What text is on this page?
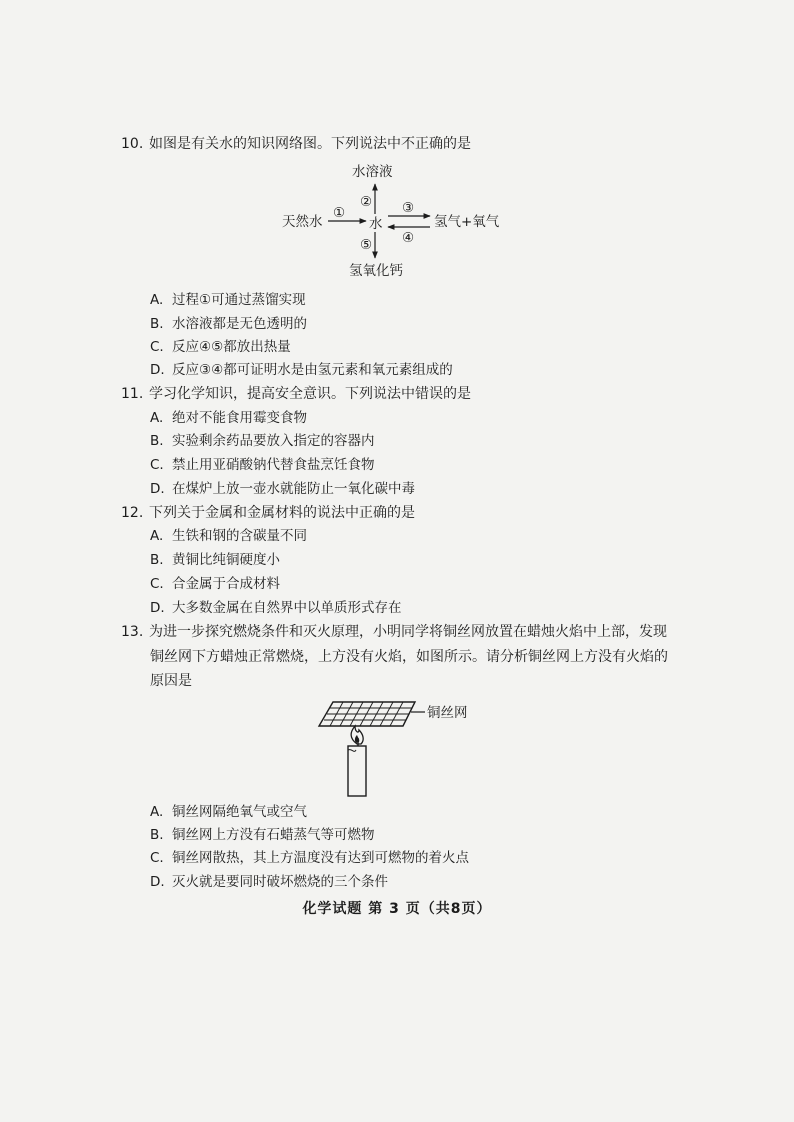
10. 如图是有关水的知识网络图。下列说法中不正确的是
水溶液
②
天然水
①
水
③
④
氢气+氧气
⑤
氢氧化钙
A. 过程①可通过蒸馏实现
B. 水溶液都是无色透明的
C. 反应④⑤都放出热量
D. 反应③④都可证明水是由氢元素和氧元素组成的
11. 学习化学知识，提高安全意识。下列说法中错误的是
A. 绝对不能食用霉变食物
B. 实验剩余药品要放入指定的容器内
C. 禁止用亚硝酸钠代替食盐烹饪食物
D. 在煤炉上放一壶水就能防止一氧化碳中毒
12. 下列关于金属和金属材料的说法中正确的是
A. 生铁和钢的含碳量不同
B. 黄铜比纯铜硬度小
C. 合金属于合成材料
D. 大多数金属在自然界中以单质形式存在
13. 为进一步探究燃烧条件和灭火原理，小明同学将铜丝网放置在蜡烛火焰中上部，发现
铜丝网下方蜡烛正常燃烧，上方没有火焰，如图所示。请分析铜丝网上方没有火焰的
原因是
铜丝网
A. 铜丝网隔绝氧气或空气
B. 铜丝网上方没有石蜡蒸气等可燃物
C. 铜丝网散热，其上方温度没有达到可燃物的着火点
D. 灭火就是要同时破坏燃烧的三个条件
化学试题 第 3 页（共8页）
